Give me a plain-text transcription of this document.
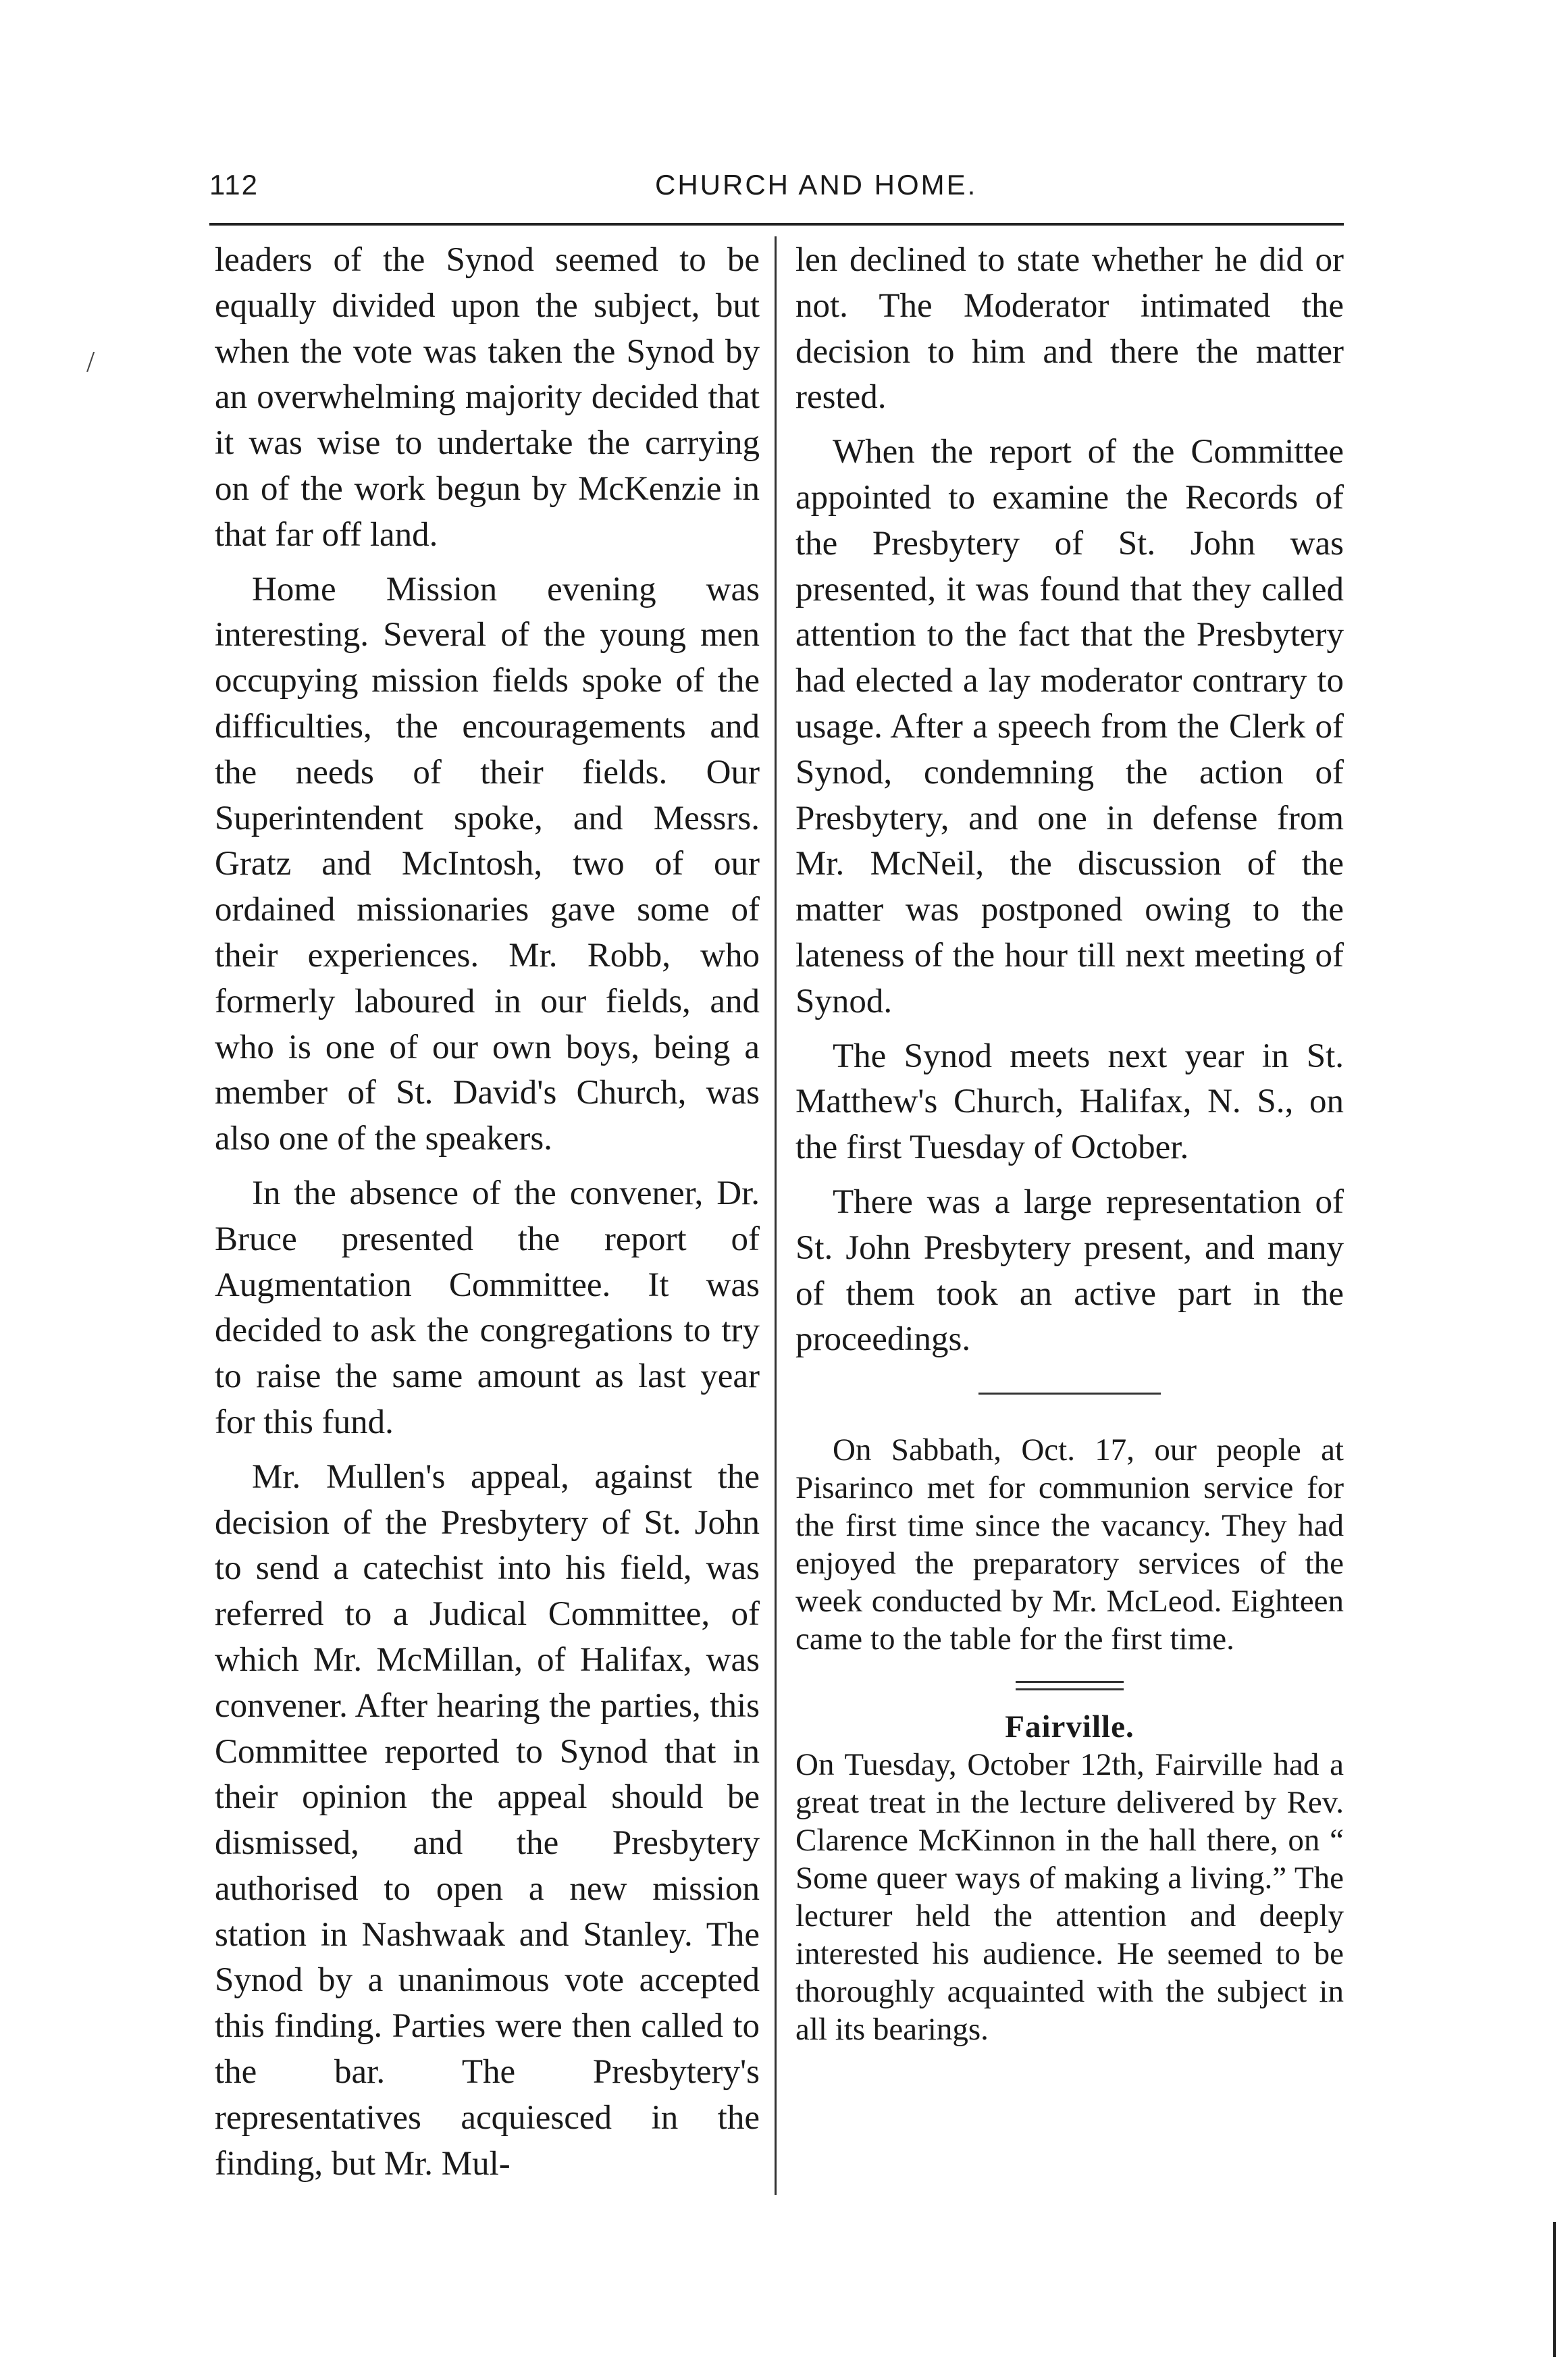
112	CHURCH AND HOME.
/

leaders of the Synod seemed to be equally divided upon the subject, but when the vote was taken the Synod by an overwhelming majority decided that it was wise to undertake the carrying on of the work begun by McKenzie in that far off land.

Home Mission evening was interesting. Several of the young men occupying mission fields spoke of the difficulties, the encouragements and the needs of their fields. Our Superintendent spoke, and Messrs. Gratz and McIntosh, two of our ordained missionaries gave some of their experiences. Mr. Robb, who formerly laboured in our fields, and who is one of our own boys, being a member of St. David's Church, was also one of the speakers.

In the absence of the convener, Dr. Bruce presented the report of Augmentation Committee. It was decided to ask the congregations to try to raise the same amount as last year for this fund.

Mr. Mullen's appeal, against the decision of the Presbytery of St. John to send a catechist into his field, was referred to a Judical Committee, of which Mr. McMillan, of Halifax, was convener. After hearing the parties, this Committee reported to Synod that in their opinion the appeal should be dismissed, and the Presbytery authorised to open a new mission station in Nashwaak and Stanley. The Synod by a unanimous vote accepted this finding. Parties were then called to the bar. The Presbytery's representatives acquiesced in the finding, but Mr. Mul-

len declined to state whether he did or not. The Moderator intimated the decision to him and there the matter rested.

When the report of the Committee appointed to examine the Records of the Presbytery of St. John was presented, it was found that they called attention to the fact that the Presbytery had elected a lay moderator contrary to usage. After a speech from the Clerk of Synod, condemning the action of Presbytery, and one in defense from Mr. McNeil, the discussion of the matter was postponed owing to the lateness of the hour till next meeting of Synod.

The Synod meets next year in St. Matthew's Church, Halifax, N. S., on the first Tuesday of October.

There was a large representation of St. John Presbytery present, and many of them took an active part in the proceedings.

On Sabbath, Oct. 17, our people at Pisarinco met for communion service for the first time since the vacancy. They had enjoyed the preparatory services of the week conducted by Mr. McLeod. Eighteen came to the table for the first time.

Fairville.

On Tuesday, October 12th, Fairville had a great treat in the lecture delivered by Rev. Clarence McKinnon in the hall there, on “ Some queer ways of making a living.” The lecturer held the attention and deeply interested his audience. He seemed to be thoroughly acquainted with the subject in all its bearings.
